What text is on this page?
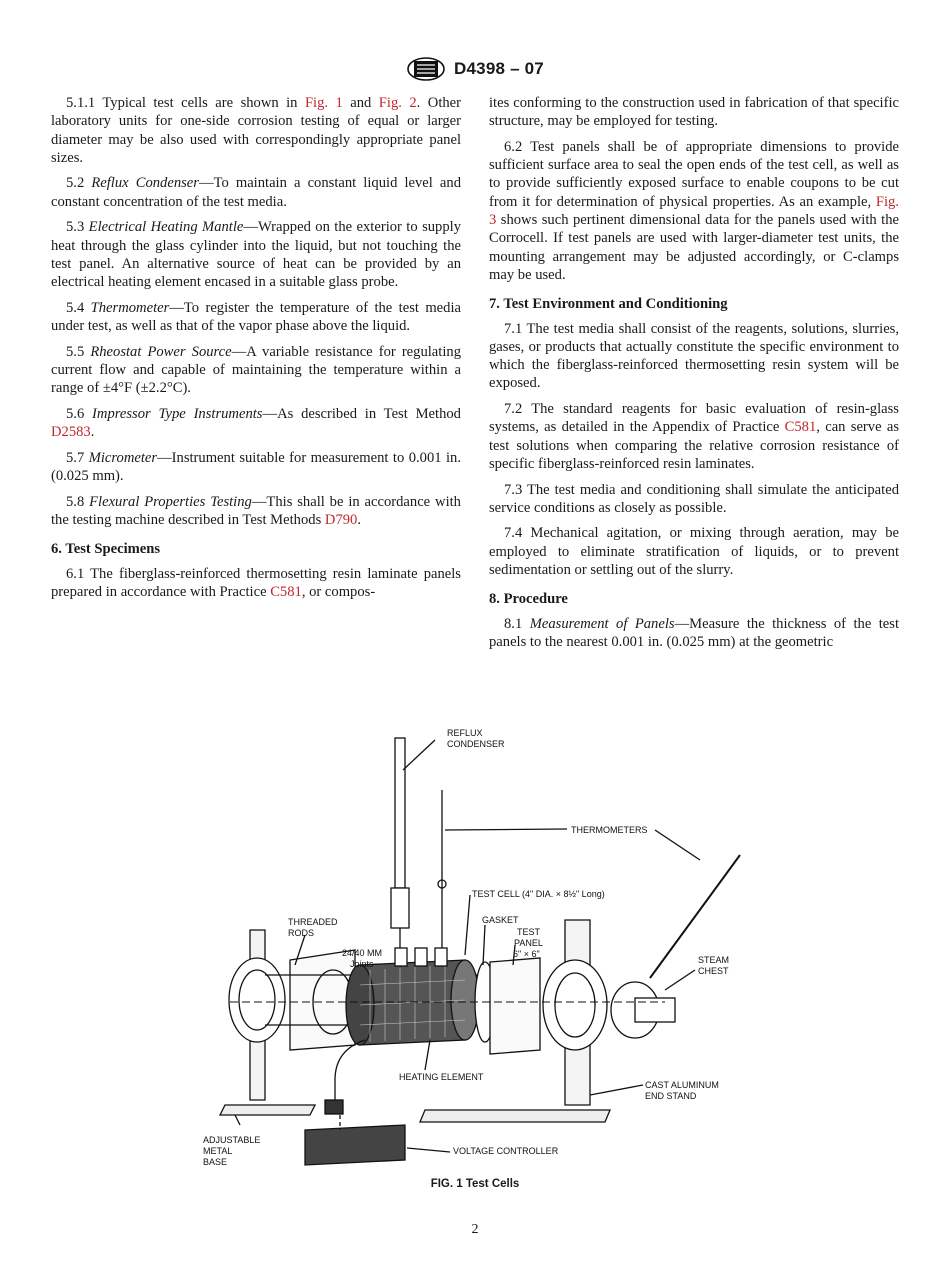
D4398 – 07

5.1.1 Typical test cells are shown in Fig. 1 and Fig. 2. Other laboratory units for one-side corrosion testing of equal or larger diameter may be also used with correspondingly appropriate panel sizes.

5.2 Reflux Condenser—To maintain a constant liquid level and constant concentration of the test media.

5.3 Electrical Heating Mantle—Wrapped on the exterior to supply heat through the glass cylinder into the liquid, but not touching the test panel. An alternative source of heat can be provided by an electrical heating element encased in a suitable glass probe.

5.4 Thermometer—To register the temperature of the test media under test, as well as that of the vapor phase above the liquid.

5.5 Rheostat Power Source—A variable resistance for regulating current flow and capable of maintaining the temperature within a range of ±4°F (±2.2°C).

5.6 Impressor Type Instruments—As described in Test Method D2583.

5.7 Micrometer—Instrument suitable for measurement to 0.001 in. (0.025 mm).

5.8 Flexural Properties Testing—This shall be in accordance with the testing machine described in Test Methods D790.

6. Test Specimens

6.1 The fiberglass-reinforced thermosetting resin laminate panels prepared in accordance with Practice C581, or compos-

ites conforming to the construction used in fabrication of that specific structure, may be employed for testing.

6.2 Test panels shall be of appropriate dimensions to provide sufficient surface area to seal the open ends of the test cell, as well as to provide sufficiently exposed surface to enable coupons to be cut from it for determination of physical properties. As an example, Fig. 3 shows such pertinent dimensional data for the panels used with the Corrocell. If test panels are used with larger-diameter test units, the mounting arrangement may be adjusted accordingly, or C-clamps may be used.

7. Test Environment and Conditioning

7.1 The test media shall consist of the reagents, solutions, slurries, gases, or products that actually constitute the specific environment to which the fiberglass-reinforced thermosetting resin system will be exposed.

7.2 The standard reagents for basic evaluation of resin-glass systems, as detailed in the Appendix of Practice C581, can serve as test solutions when comparing the relative corrosion resistance of specific fiberglass-reinforced resin laminates.

7.3 The test media and conditioning shall simulate the anticipated service conditions as closely as possible.

7.4 Mechanical agitation, or mixing through aeration, may be employed to eliminate stratification of liquids, or to prevent sedimentation or settling out of the slurry.

8. Procedure

8.1 Measurement of Panels—Measure the thickness of the test panels to the nearest 0.001 in. (0.025 mm) at the geometric

REFLUX
CONDENSER
THERMOMETERS
TEST CELL (4" DIA. × 8½" Long)
THREADED
RODS
GASKET
TEST
PANEL
6" × 6"
24/40 MM
Joints	STEAM
CHEST
HEATING ELEMENT
CAST ALUMINUM
END STAND
ADJUSTABLE
METAL
BASE
VOLTAGE CONTROLLER
FIG. 1 Test Cells
2
